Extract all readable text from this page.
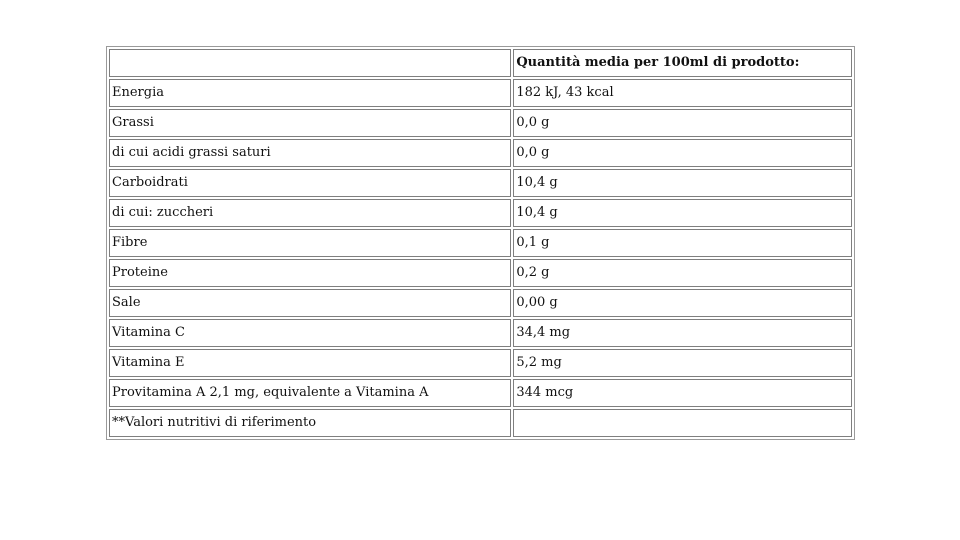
	Quantità media per 100ml di prodotto:
Energia	182 kJ, 43 kcal
Grassi	0,0 g
di cui acidi grassi saturi	0,0 g
Carboidrati	10,4 g
di cui: zuccheri	10,4 g
Fibre	0,1 g
Proteine	0,2 g
Sale	0,00 g
Vitamina C	34,4 mg
Vitamina E	5,2 mg
Provitamina A 2,1 mg, equivalente a Vitamina A	344 mcg
**Valori nutritivi di riferimento	
